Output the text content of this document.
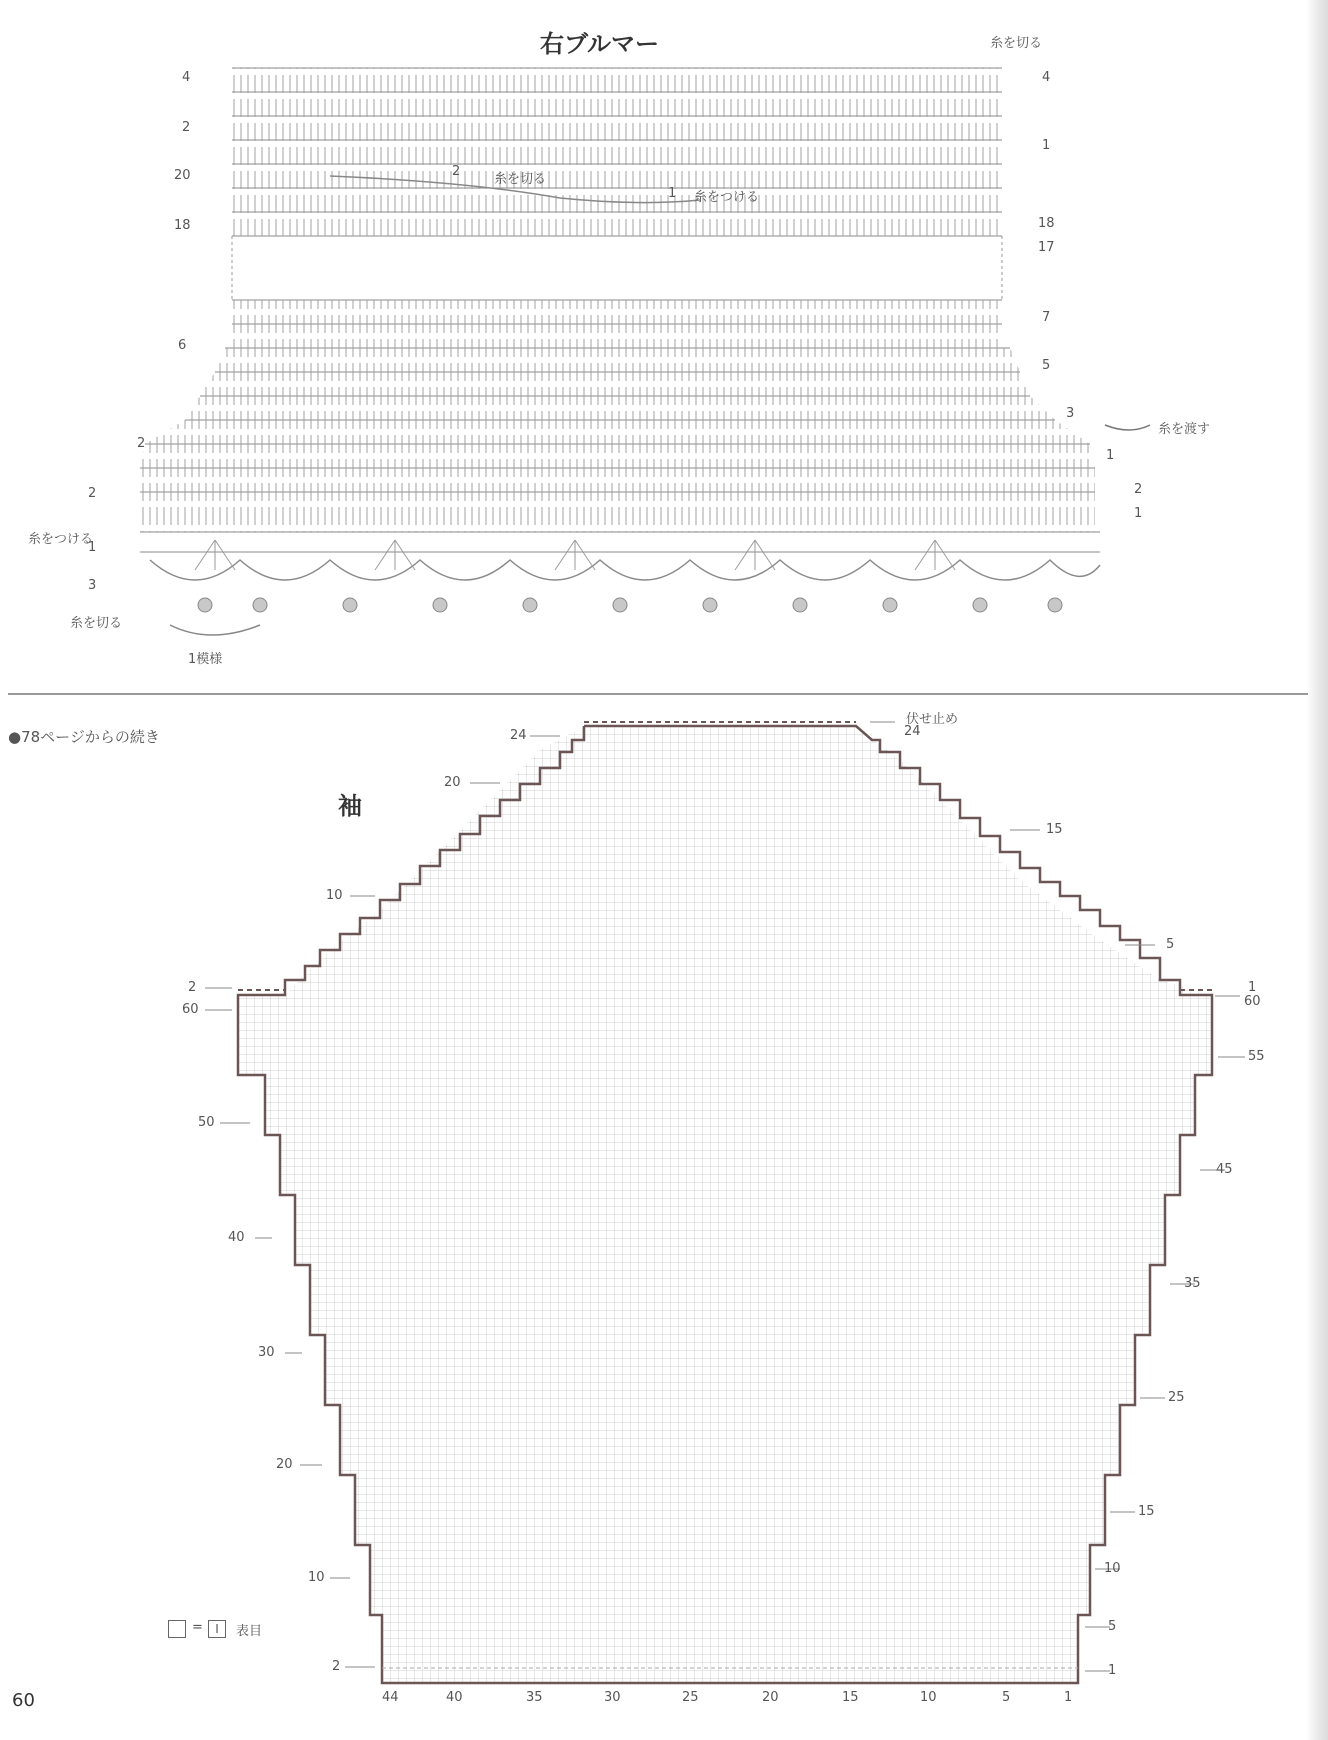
右ブルマー	糸を切る
4
2
20
18
6
2
2
1
3
4
1
18
17
7
5
3
1
2
1
2
糸を切る
1 糸をつける
糸を渡す
糸をつける
糸を切る
1模様
●78ページからの続き
袖
伏せ止め
24
20
10
2
60
50
40
30
20
10
2
24
15
5
1
60
55
45
35
25
15
10
5
1
44	40	35	30	25	20	15	10	5	1
=	I	表目
60
